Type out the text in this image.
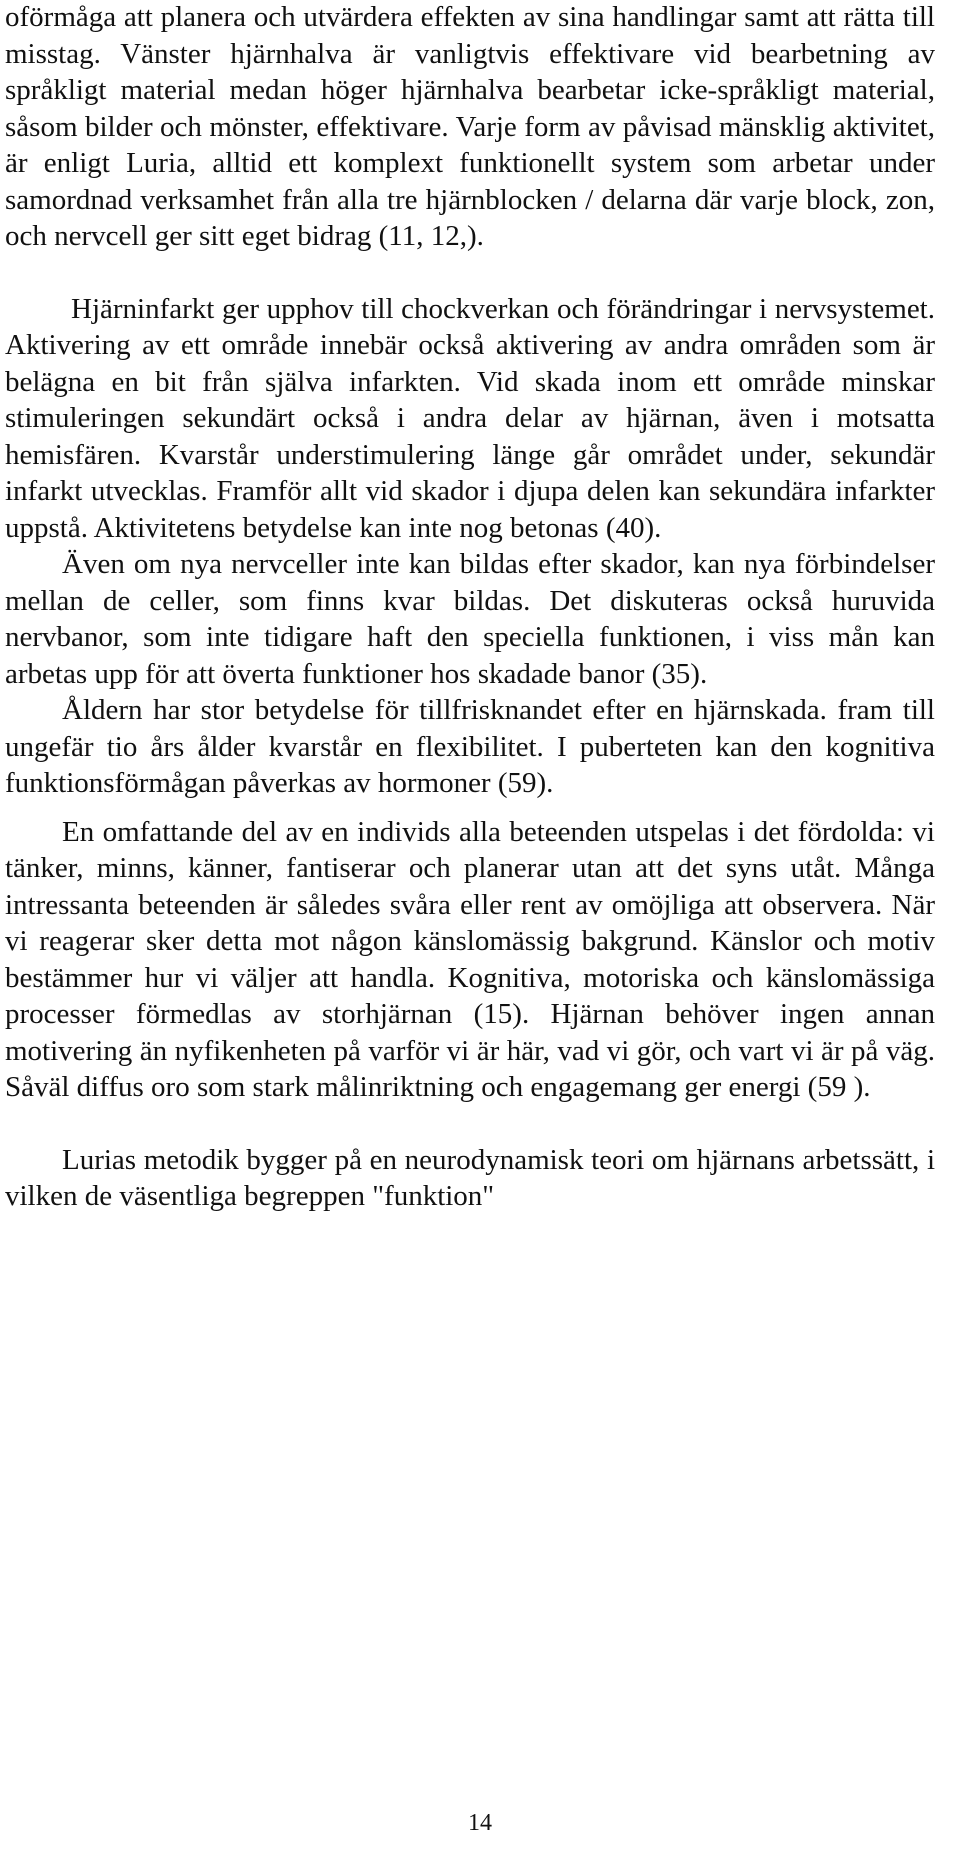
oförmåga att planera och utvärdera effekten av sina handlingar samt att rätta till misstag. Vänster hjärnhalva är vanligtvis effektivare vid bearbetning av språkligt material medan höger hjärnhalva bearbetar icke-språkligt material, såsom bilder och mönster, effektivare. Varje form av påvisad mänsklig aktivitet, är enligt Luria, alltid ett komplext funktionellt system som arbetar under samordnad verksamhet från alla tre hjärnblocken / delarna där varje block, zon, och nervcell ger sitt eget bidrag (11, 12,).

Hjärninfarkt ger upphov till chockverkan och förändringar i nervsystemet. Aktivering av ett område innebär också aktivering av andra områden som är belägna en bit från själva infarkten. Vid skada inom ett område minskar stimuleringen sekundärt också i andra delar av hjärnan, även i motsatta hemisfären. Kvarstår understimulering länge går området under, sekundär infarkt utvecklas. Framför allt vid skador i djupa delen kan sekundära infarkter uppstå. Aktivitetens betydelse kan inte nog betonas (40).

Även om nya nervceller inte kan bildas efter skador, kan nya förbindelser mellan de celler, som finns kvar bildas. Det diskuteras också huruvida nervbanor, som inte tidigare haft den speciella funktionen, i viss mån kan arbetas upp för att överta funktioner hos skadade banor (35).

Åldern har stor betydelse för tillfrisknandet efter en hjärnskada. fram till ungefär tio års ålder kvarstår en flexibilitet. I puberteten kan den kognitiva funktionsförmågan påverkas av hormoner (59).

En omfattande del av en individs alla beteenden utspelas i det fördolda: vi tänker, minns, känner, fantiserar och planerar utan att det syns utåt. Många intressanta beteenden är således svåra eller rent av omöjliga att observera. När vi reagerar sker detta mot någon känslomässig bakgrund. Känslor och motiv bestämmer hur vi väljer att handla. Kognitiva, motoriska och känslomässiga processer förmedlas av storhjärnan (15). Hjärnan behöver ingen annan motivering än nyfikenheten på varför vi är här, vad vi gör, och vart vi är på väg. Såväl diffus oro som stark målinriktning och engagemang ger energi (59 ).

Lurias metodik bygger på en neurodynamisk teori om hjärnans arbetssätt, i vilken de väsentliga begreppen "funktion"

14
